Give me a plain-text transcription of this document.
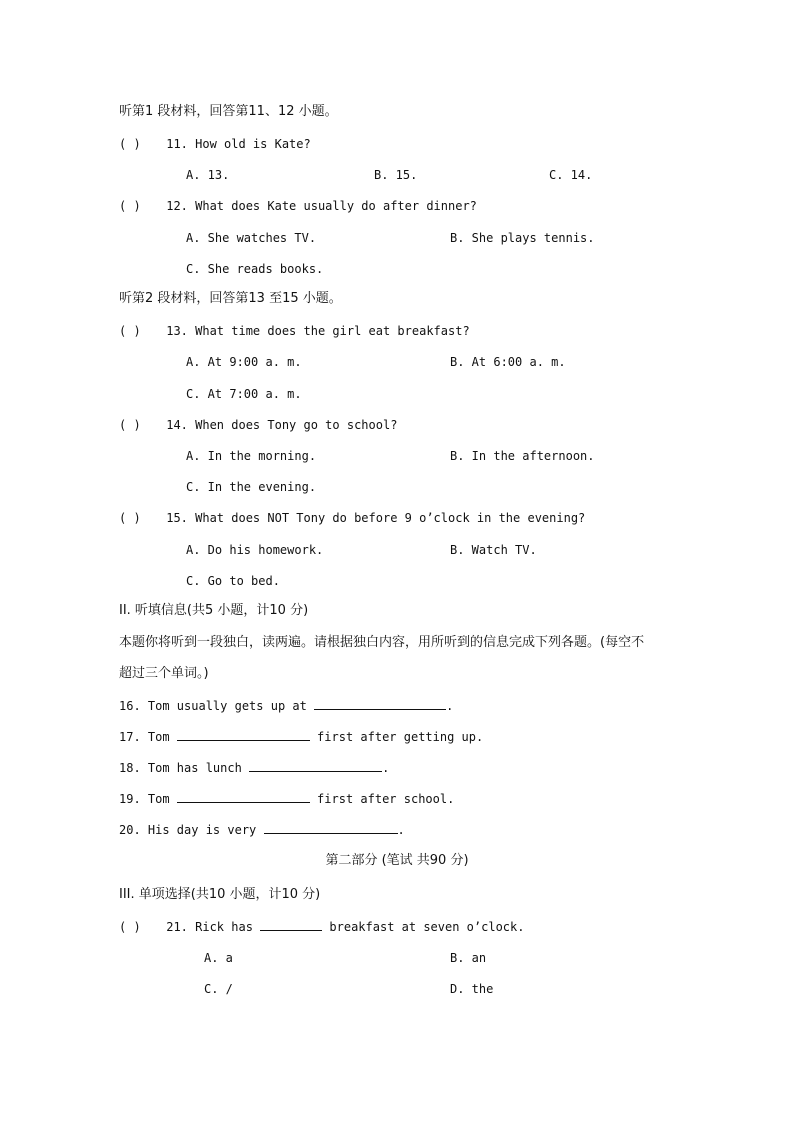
听第1 段材料，回答第11、12 小题。
( ) 11. How old is Kate?
A. 13.	B. 15.	C. 14.
( ) 12. What does Kate usually do after dinner?
A. She watches TV.	B. She plays tennis.
C. She reads books.
听第2 段材料，回答第13 至15 小题。
( ) 13. What time does the girl eat breakfast?
A. At 9:00 a. m.	B. At 6:00 a. m.
C. At 7:00 a. m.
( ) 14. When does Tony go to school?
A. In the morning.	B. In the afternoon.
C. In the evening.
( ) 15. What does NOT Tony do before 9 o’clock in the evening?
A. Do his homework.	B. Watch TV.
C. Go to bed.
II. 听填信息(共5 小题，计10 分)
本题你将听到一段独白，读两遍。请根据独白内容，用所听到的信息完成下列各题。(每空不
超过三个单词。)
16. Tom usually gets up at	.
17. Tom	first after getting up.
18. Tom has lunch	.
19. Tom	first after school.
20. His day is very	.
第二部分 (笔试 共90 分)
III. 单项选择(共10 小题，计10 分)
( ) 21. Rick has	breakfast at seven o’clock.
A. a	B. an
C. /	D. the
